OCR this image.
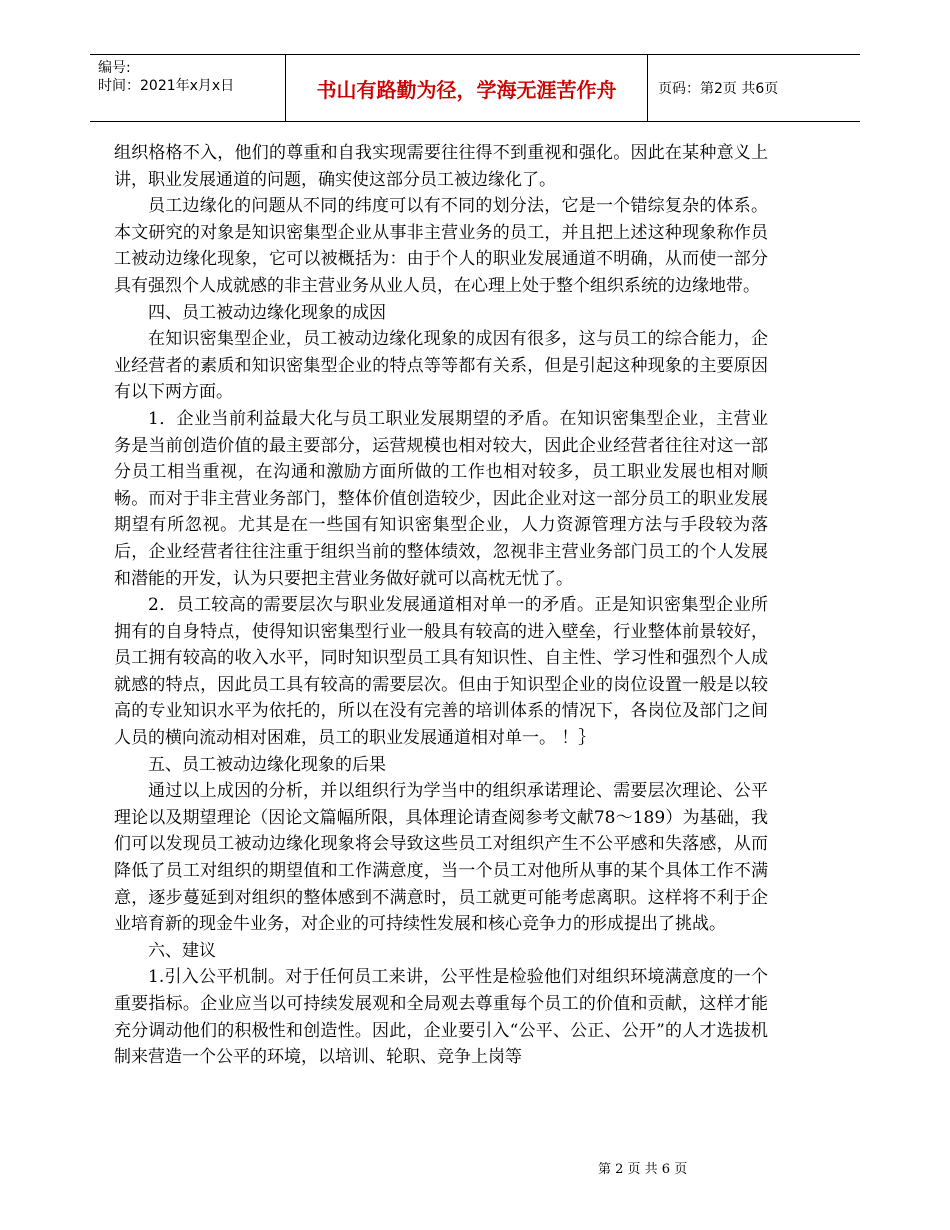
编号:
时间：2021年x月x日	书山有路勤为径，学海无涯苦作舟	页码：第2页 共6页

组织格格不入，他们的尊重和自我实现需要往往得不到重视和强化。因此在某种意义上讲，职业发展通道的问题，确实使这部分员工被边缘化了。

员工边缘化的问题从不同的纬度可以有不同的划分法，它是一个错综复杂的体系。本文研究的对象是知识密集型企业从事非主营业务的员工，并且把上述这种现象称作员工被动边缘化现象，它可以被概括为：由于个人的职业发展通道不明确，从而使一部分具有强烈个人成就感的非主营业务从业人员，在心理上处于整个组织系统的边缘地带。

四、员工被动边缘化现象的成因

在知识密集型企业，员工被动边缘化现象的成因有很多，这与员工的综合能力，企业经营者的素质和知识密集型企业的特点等等都有关系，但是引起这种现象的主要原因有以下两方面。

1．企业当前利益最大化与员工职业发展期望的矛盾。在知识密集型企业，主营业务是当前创造价值的最主要部分，运营规模也相对较大，因此企业经营者往往对这一部分员工相当重视，在沟通和激励方面所做的工作也相对较多，员工职业发展也相对顺畅。而对于非主营业务部门，整体价值创造较少，因此企业对这一部分员工的职业发展期望有所忽视。尤其是在一些国有知识密集型企业，人力资源管理方法与手段较为落后，企业经营者往往注重于组织当前的整体绩效，忽视非主营业务部门员工的个人发展和潜能的开发，认为只要把主营业务做好就可以高枕无忧了。

2．员工较高的需要层次与职业发展通道相对单一的矛盾。正是知识密集型企业所拥有的自身特点，使得知识密集型行业一般具有较高的进入壁垒，行业整体前景较好，员工拥有较高的收入水平，同时知识型员工具有知识性、自主性、学习性和强烈个人成就感的特点，因此员工具有较高的需要层次。但由于知识型企业的岗位设置一般是以较高的专业知识水平为依托的，所以在没有完善的培训体系的情况下，各岗位及部门之间人员的横向流动相对困难，员工的职业发展通道相对单一。 ！｝

五、员工被动边缘化现象的后果

通过以上成因的分析，并以组织行为学当中的组织承诺理论、需要层次理论、公平理论以及期望理论（因论文篇幅所限，具体理论请查阅参考文献78～189）为基础，我们可以发现员工被动边缘化现象将会导致这些员工对组织产生不公平感和失落感，从而降低了员工对组织的期望值和工作满意度，当一个员工对他所从事的某个具体工作不满意，逐步蔓延到对组织的整体感到不满意时，员工就更可能考虑离职。这样将不利于企业培育新的现金牛业务，对企业的可持续性发展和核心竞争力的形成提出了挑战。

六、建议

1.引入公平机制。对于任何员工来讲，公平性是检验他们对组织环境满意度的一个重要指标。企业应当以可持续发展观和全局观去尊重每个员工的价值和贡献，这样才能充分调动他们的积极性和创造性。因此，企业要引入“公平、公正、公开”的人才选拔机制来营造一个公平的环境，以培训、轮职、竞争上岗等

第 2 页 共 6 页
